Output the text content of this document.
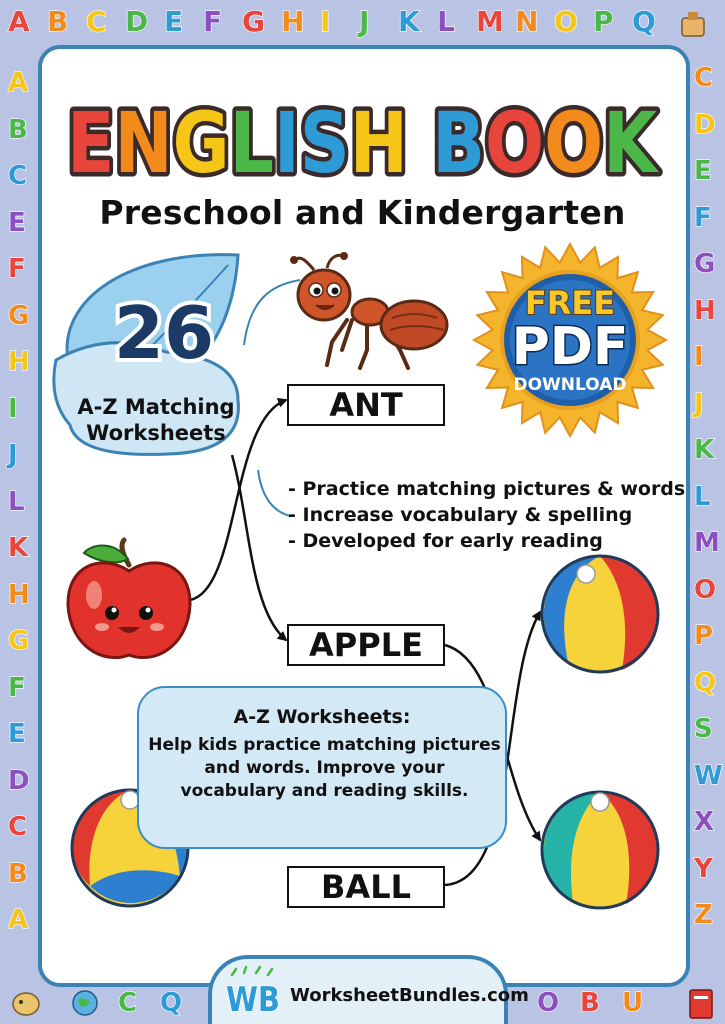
A B C D E F G H I J K L M N O P Q
A
B
C
E
F
G
H
I
J
L
K
H
G
F
E
D
C
B
A
C
D
E
F
G
H
I
J
K
L
M
O
P
Q
S
W
X
Y
Z
C Q	O B U
ENGLISH BOOK
Preschool and Kindergarten
26
A-Z Matching
Worksheets
FREE
PDF
DOWNLOAD
ANT
APPLE
BALL
- Practice matching pictures & words
- Increase vocabulary & spelling
- Developed for early reading
A-Z Worksheets:
Help kids practice matching pictures
and words. Improve your
vocabulary and reading skills.
WB WorksheetBundles.com
